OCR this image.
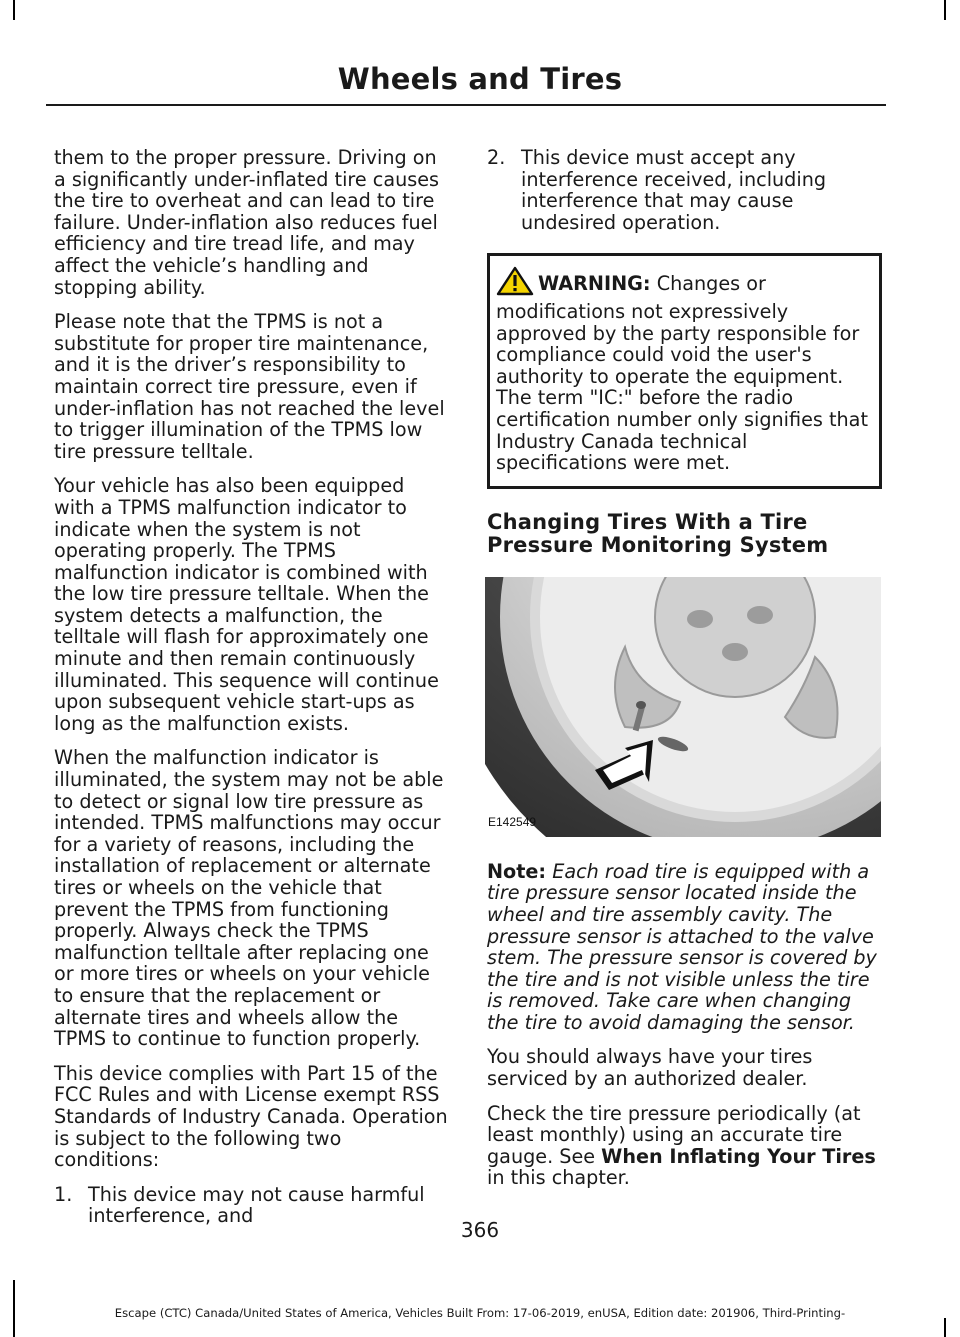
Wheels and Tires

them to the proper pressure. Driving on a significantly under-inflated tire causes the tire to overheat and can lead to tire failure. Under-inflation also reduces fuel efficiency and tire tread life, and may affect the vehicle’s handling and stopping ability.

Please note that the TPMS is not a substitute for proper tire maintenance, and it is the driver’s responsibility to maintain correct tire pressure, even if under-inflation has not reached the level to trigger illumination of the TPMS low tire pressure telltale.

Your vehicle has also been equipped with a TPMS malfunction indicator to indicate when the system is not operating properly. The TPMS malfunction indicator is combined with the low tire pressure telltale. When the system detects a malfunction, the telltale will flash for approximately one minute and then remain continuously illuminated. This sequence will continue upon subsequent vehicle start-ups as long as the malfunction exists.

When the malfunction indicator is illuminated, the system may not be able to detect or signal low tire pressure as intended. TPMS malfunctions may occur for a variety of reasons, including the installation of replacement or alternate tires or wheels on the vehicle that prevent the TPMS from functioning properly. Always check the TPMS malfunction telltale after replacing one or more tires or wheels on your vehicle to ensure that the replacement or alternate tires and wheels allow the TPMS to continue to function properly.

This device complies with Part 15 of the FCC Rules and with License exempt RSS Standards of Industry Canada. Operation is subject to the following two conditions:

1. This device may not cause harmful interference, and
2. This device must accept any interference received, including interference that may cause undesired operation.
WARNING: Changes or modifications not expressively approved by the party responsible for compliance could void the user's authority to operate the equipment. The term "IC:" before the radio certification number only signifies that Industry Canada technical specifications were met.
Changing Tires With a Tire Pressure Monitoring System
E142549

Note: Each road tire is equipped with a tire pressure sensor located inside the wheel and tire assembly cavity. The pressure sensor is attached to the valve stem. The pressure sensor is covered by the tire and is not visible unless the tire is removed. Take care when changing the tire to avoid damaging the sensor.

You should always have your tires serviced by an authorized dealer.

Check the tire pressure periodically (at least monthly) using an accurate tire gauge. See When Inflating Your Tires in this chapter.

366
Escape (CTC) Canada/United States of America, Vehicles Built From: 17-06-2019, enUSA, Edition date: 201906, Third-Printing-
